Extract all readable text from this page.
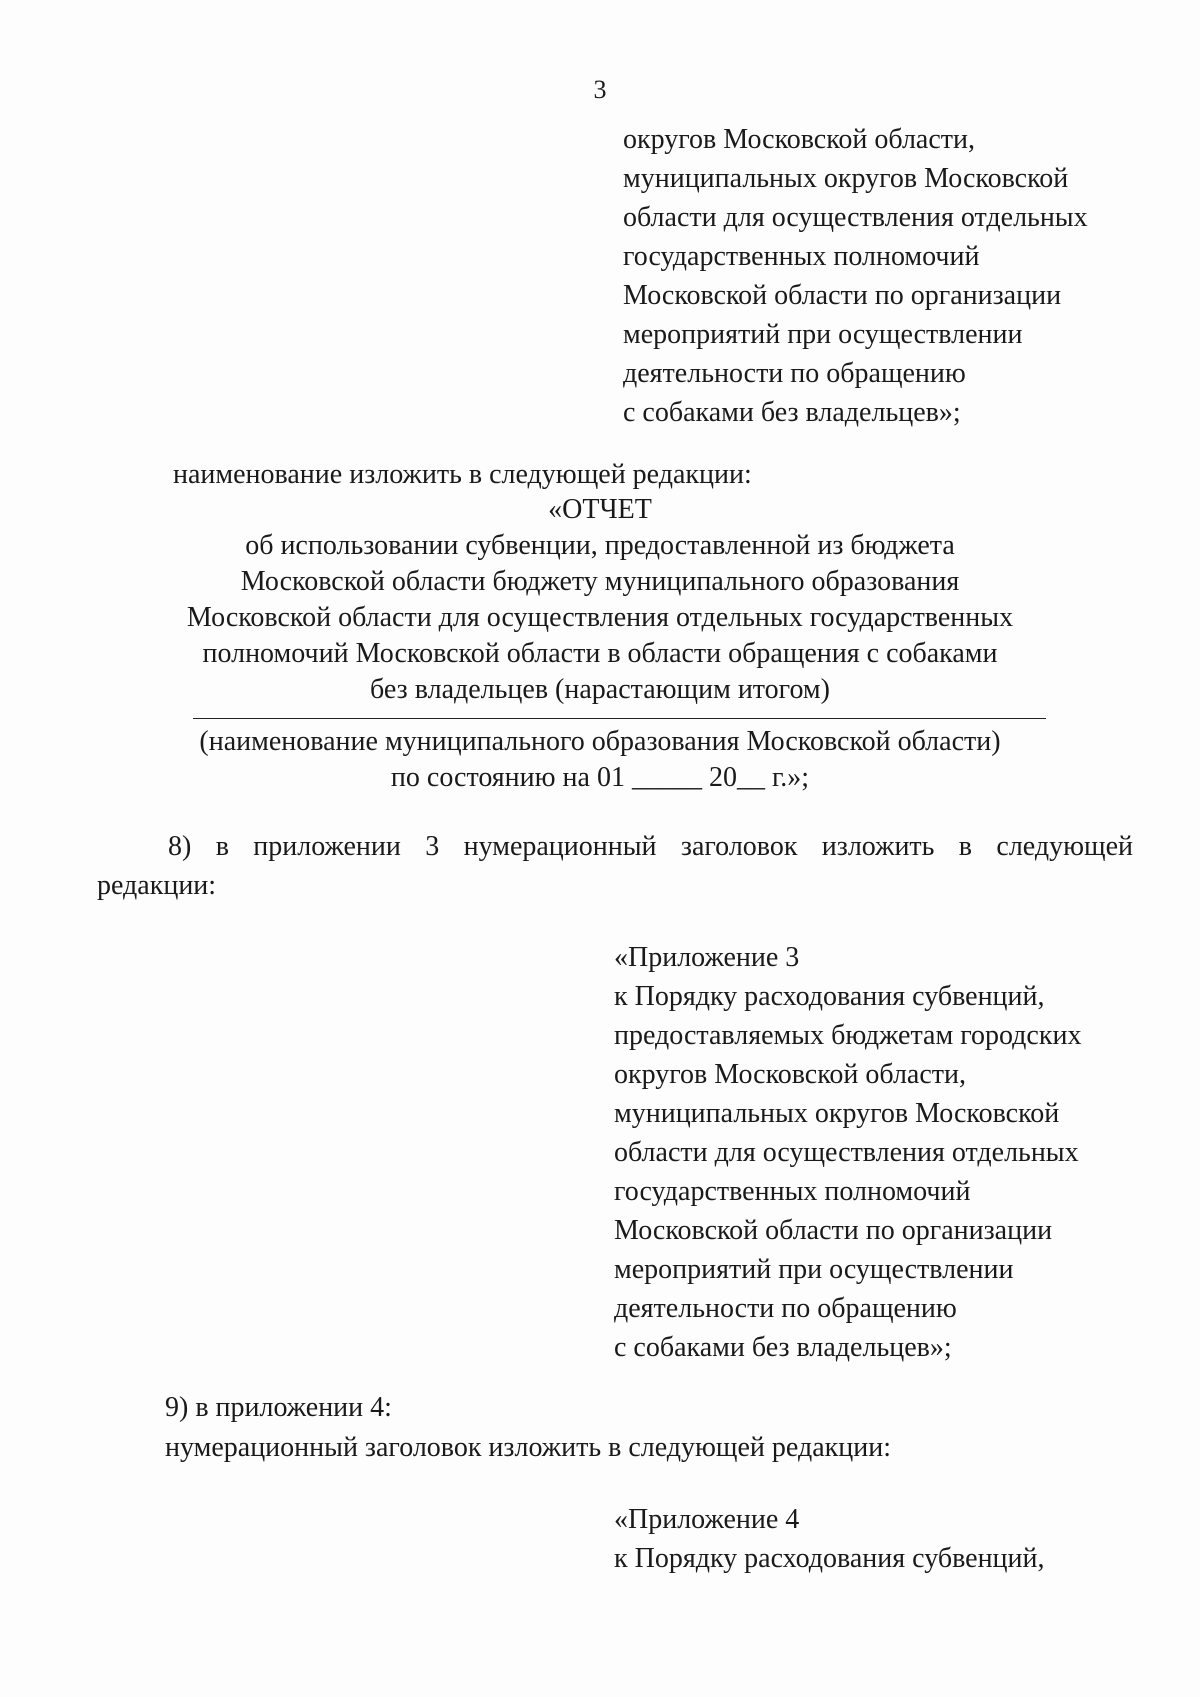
3
округов Московской области,
муниципальных округов Московской
области для осуществления отдельных
государственных полномочий
Московской области по организации
мероприятий при осуществлении
деятельности по обращению
с собаками без владельцев»;
наименование изложить в следующей редакции:
«ОТЧЕТ
об использовании субвенции, предоставленной из бюджета
Московской области бюджету муниципального образования
Московской области для осуществления отдельных государственных
полномочий Московской области в области обращения с собаками
без владельцев (нарастающим итогом)
(наименование муниципального образования Московской области)
по состоянию на 01 _____ 20__ г.»;
8) в приложении 3 нумерационный заголовок изложить в следующей
редакции:
«Приложение 3
к Порядку расходования субвенций,
предоставляемых бюджетам городских
округов Московской области,
муниципальных округов Московской
области для осуществления отдельных
государственных полномочий
Московской области по организации
мероприятий при осуществлении
деятельности по обращению
с собаками без владельцев»;
9) в приложении 4:
нумерационный заголовок изложить в следующей редакции:
«Приложение 4
к Порядку расходования субвенций,
